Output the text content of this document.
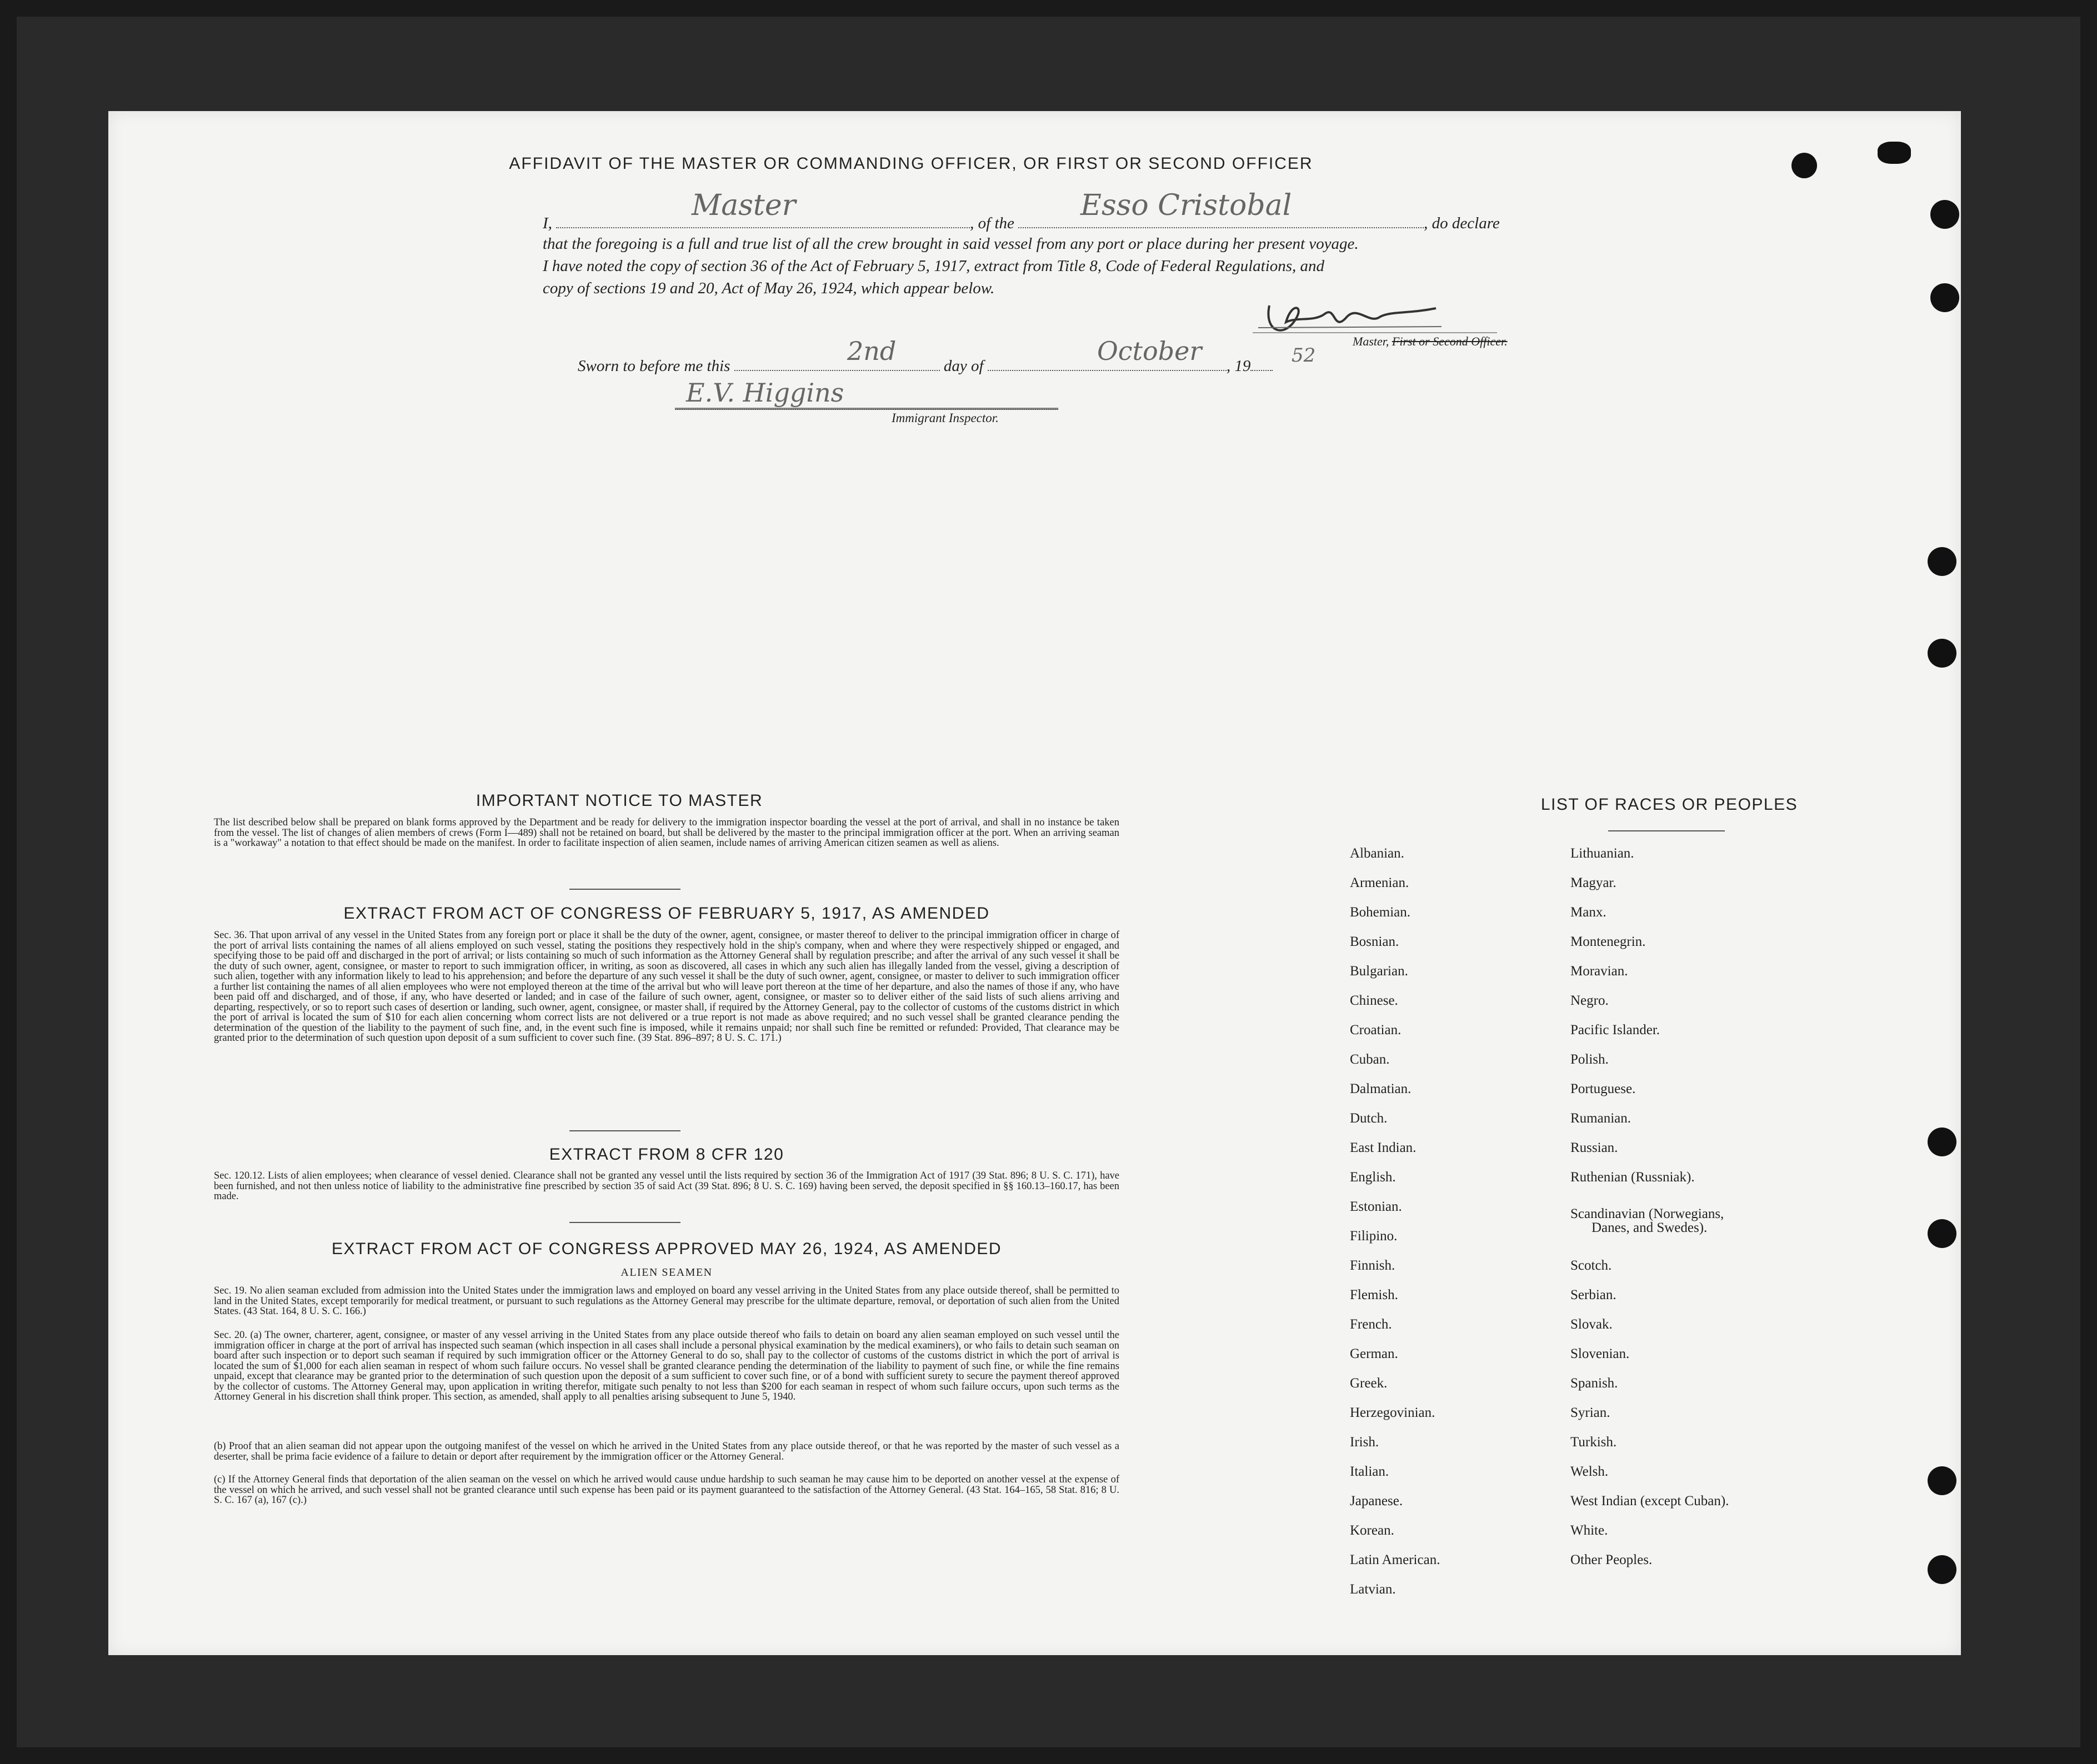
AFFIDAVIT OF THE MASTER OR COMMANDING OFFICER, OR FIRST OR SECOND OFFICER
I,	, of the	, do declare
Master	Esso Cristobal
that the foregoing is a full and true list of all the crew brought in said vessel from any port or place during her present voyage.
I have noted the copy of section 36 of the Act of February 5, 1917, extract from Title 8, Code of Federal Regulations, and
copy of sections 19 and 20, Act of May 26, 1924, which appear below.
Master, First or Second Officer.
Sworn to before me this	day of	, 19
2nd	October	52
E.V. Higgins
Immigrant Inspector.
IMPORTANT NOTICE TO MASTER
The list described below shall be prepared on blank forms approved by the Department and be ready for delivery to the immigration inspector boarding the vessel at the port of arrival, and shall in no instance be taken from the vessel. The list of changes of alien members of crews (Form I—489) shall not be retained on board, but shall be delivered by the master to the principal immigration officer at the port. When an arriving seaman is a "workaway" a notation to that effect should be made on the manifest. In order to facilitate inspection of alien seamen, include names of arriving American citizen seamen as well as aliens.
EXTRACT FROM ACT OF CONGRESS OF FEBRUARY 5, 1917, AS AMENDED
Sec. 36. That upon arrival of any vessel in the United States from any foreign port or place it shall be the duty of the owner, agent, consignee, or master thereof to deliver to the principal immigration officer in charge of the port of arrival lists containing the names of all aliens employed on such vessel, stating the positions they respectively hold in the ship's company, when and where they were respectively shipped or engaged, and specifying those to be paid off and discharged in the port of arrival; or lists containing so much of such information as the Attorney General shall by regulation prescribe; and after the arrival of any such vessel it shall be the duty of such owner, agent, consignee, or master to report to such immigration officer, in writing, as soon as discovered, all cases in which any such alien has illegally landed from the vessel, giving a description of such alien, together with any information likely to lead to his apprehension; and before the departure of any such vessel it shall be the duty of such owner, agent, consignee, or master to deliver to such immigration officer a further list containing the names of all alien employees who were not employed thereon at the time of the arrival but who will leave port thereon at the time of her departure, and also the names of those if any, who have been paid off and discharged, and of those, if any, who have deserted or landed; and in case of the failure of such owner, agent, consignee, or master so to deliver either of the said lists of such aliens arriving and departing, respectively, or so to report such cases of desertion or landing, such owner, agent, consignee, or master shall, if required by the Attorney General, pay to the collector of customs of the customs district in which the port of arrival is located the sum of $10 for each alien concerning whom correct lists are not delivered or a true report is not made as above required; and no such vessel shall be granted clearance pending the determination of the question of the liability to the payment of such fine, and, in the event such fine is imposed, while it remains unpaid; nor shall such fine be remitted or refunded: Provided, That clearance may be granted prior to the determination of such question upon deposit of a sum sufficient to cover such fine. (39 Stat. 896–897; 8 U. S. C. 171.)
EXTRACT FROM 8 CFR 120
Sec. 120.12. Lists of alien employees; when clearance of vessel denied. Clearance shall not be granted any vessel until the lists required by section 36 of the Immigration Act of 1917 (39 Stat. 896; 8 U. S. C. 171), have been furnished, and not then unless notice of liability to the administrative fine prescribed by section 35 of said Act (39 Stat. 896; 8 U. S. C. 169) having been served, the deposit specified in §§ 160.13–160.17, has been made.
EXTRACT FROM ACT OF CONGRESS APPROVED MAY 26, 1924, AS AMENDED
ALIEN SEAMEN
Sec. 19. No alien seaman excluded from admission into the United States under the immigration laws and employed on board any vessel arriving in the United States from any place outside thereof, shall be permitted to land in the United States, except temporarily for medical treatment, or pursuant to such regulations as the Attorney General may prescribe for the ultimate departure, removal, or deportation of such alien from the United States. (43 Stat. 164, 8 U. S. C. 166.)
Sec. 20. (a) The owner, charterer, agent, consignee, or master of any vessel arriving in the United States from any place outside thereof who fails to detain on board any alien seaman employed on such vessel until the immigration officer in charge at the port of arrival has inspected such seaman (which inspection in all cases shall include a personal physical examination by the medical examiners), or who fails to detain such seaman on board after such inspection or to deport such seaman if required by such immigration officer or the Attorney General to do so, shall pay to the collector of customs of the customs district in which the port of arrival is located the sum of $1,000 for each alien seaman in respect of whom such failure occurs. No vessel shall be granted clearance pending the determination of the liability to payment of such fine, or while the fine remains unpaid, except that clearance may be granted prior to the determination of such question upon the deposit of a sum sufficient to cover such fine, or of a bond with sufficient surety to secure the payment thereof approved by the collector of customs. The Attorney General may, upon application in writing therefor, mitigate such penalty to not less than $200 for each seaman in respect of whom such failure occurs, upon such terms as the Attorney General in his discretion shall think proper. This section, as amended, shall apply to all penalties arising subsequent to June 5, 1940.
(b) Proof that an alien seaman did not appear upon the outgoing manifest of the vessel on which he arrived in the United States from any place outside thereof, or that he was reported by the master of such vessel as a deserter, shall be prima facie evidence of a failure to detain or deport after requirement by the immigration officer or the Attorney General.
(c) If the Attorney General finds that deportation of the alien seaman on the vessel on which he arrived would cause undue hardship to such seaman he may cause him to be deported on another vessel at the expense of the vessel on which he arrived, and such vessel shall not be granted clearance until such expense has been paid or its payment guaranteed to the satisfaction of the Attorney General. (43 Stat. 164–165, 58 Stat. 816; 8 U. S. C. 167 (a), 167 (c).)
LIST OF RACES OR PEOPLES
Albanian.
Armenian.
Bohemian.
Bosnian.
Bulgarian.
Chinese.
Croatian.
Cuban.
Dalmatian.
Dutch.
East Indian.
English.
Estonian.
Filipino.
Finnish.
Flemish.
French.
German.
Greek.
Herzegovinian.
Irish.
Italian.
Japanese.
Korean.
Latin American.
Latvian.
Lithuanian.
Magyar.
Manx.
Montenegrin.
Moravian.
Negro.
Pacific Islander.
Polish.
Portuguese.
Rumanian.
Russian.
Ruthenian (Russniak).
Scandinavian (Norwegians,
Danes, and Swedes).
Scotch.
Serbian.
Slovak.
Slovenian.
Spanish.
Syrian.
Turkish.
Welsh.
West Indian (except Cuban).
White.
Other Peoples.
